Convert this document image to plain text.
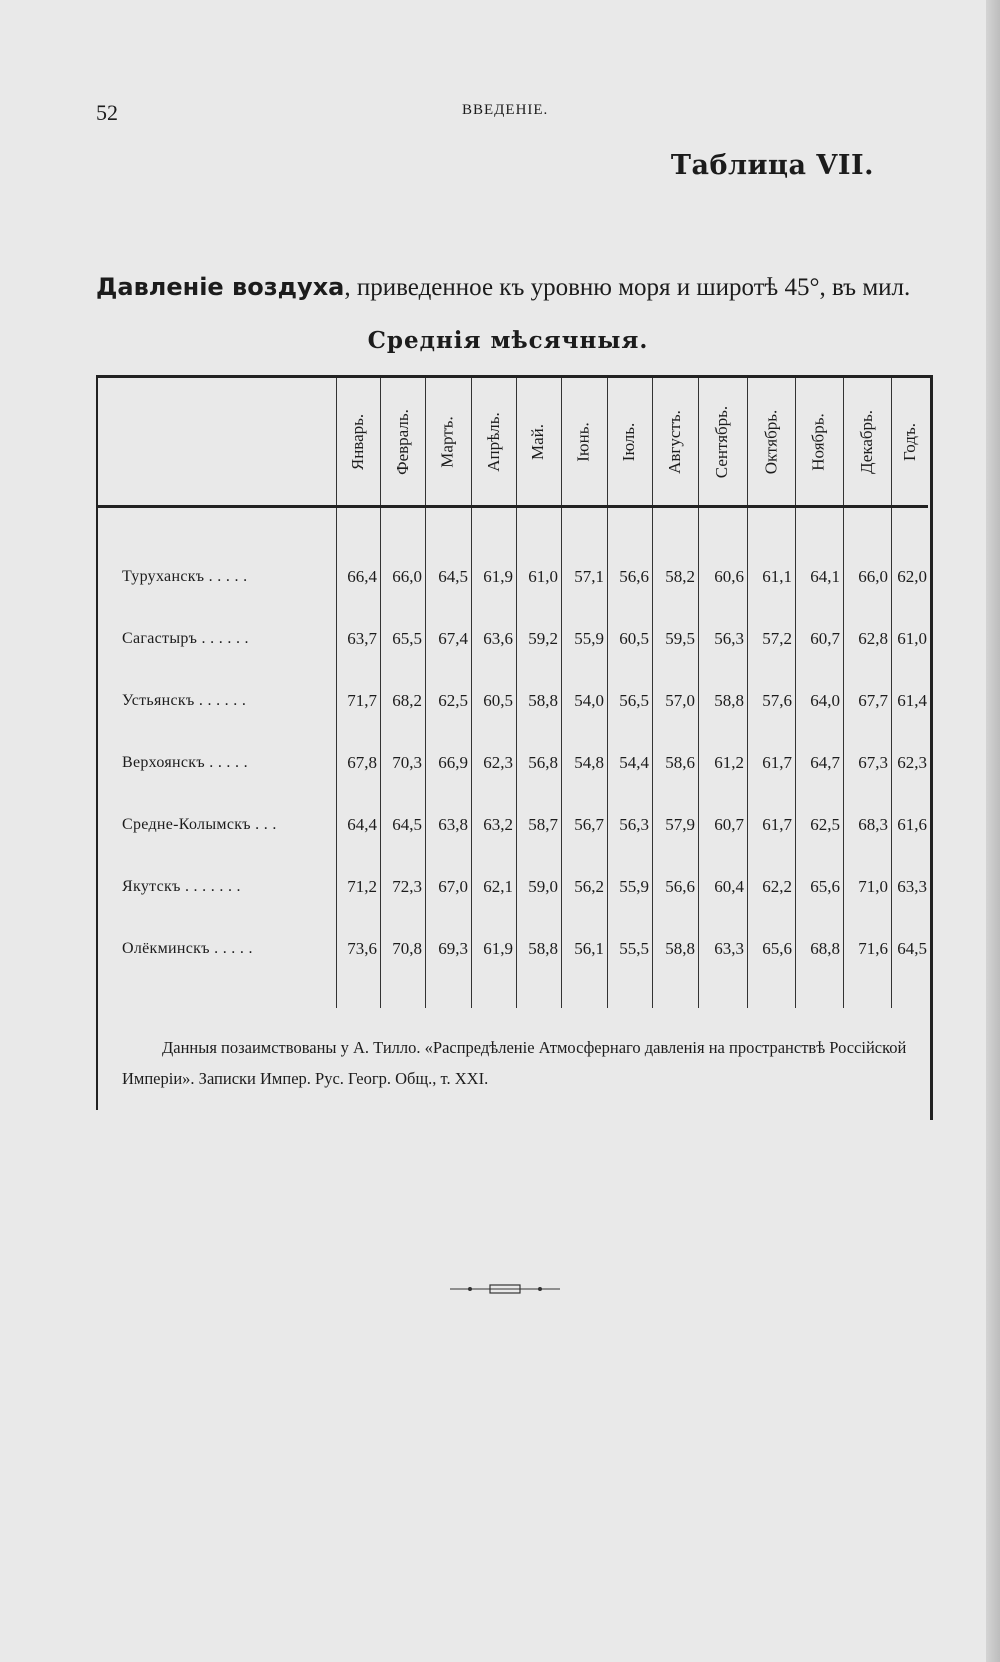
52	ВВЕДЕНІЕ.
Таблица VII.
Давленіе воздуха, приведенное къ уровню моря и широтѣ 45°, въ мил.
Среднія мѣсячныя.
Январь. Февраль. Мартъ. Апрѣль. Май. Іюнь. Іюль. Августъ. Сентябрь. Октябрь. Ноябрь. Декабрь. Годъ.
Туруханскъ . . . . .	66,4 66,0 64,5 61,9 61,0 57,1 56,6 58,2	60,6	61,1	64,1	66,0 62,0
Сагастыръ . . . . . .	63,7 65,5 67,4 63,6 59,2 55,9 60,5 59,5	56,3	57,2	60,7	62,8 61,0
Устьянскъ . . . . . .	71,7 68,2 62,5 60,5 58,8 54,0 56,5 57,0	58,8	57,6	64,0	67,7 61,4
Верхоянскъ . . . . .	67,8 70,3 66,9 62,3 56,8 54,8 54,4 58,6	61,2	61,7	64,7	67,3 62,3
Средне-Колымскъ . . .	64,4 64,5 63,8 63,2 58,7 56,7 56,3 57,9	60,7	61,7	62,5	68,3 61,6
Якутскъ . . . . . . .	71,2 72,3 67,0 62,1 59,0 56,2 55,9 56,6	60,4	62,2	65,6	71,0 63,3
Олёкминскъ . . . . .	73,6 70,8 69,3 61,9 58,8 56,1 55,5 58,8	63,3	65,6	68,8	71,6 64,5
Данныя позаимствованы у А. Тилло. «Распредѣленіе Атмосфернаго давленія на пространствѣ Россійской Имперіи». Записки Импер. Рус. Геогр. Общ., т. XXI.
